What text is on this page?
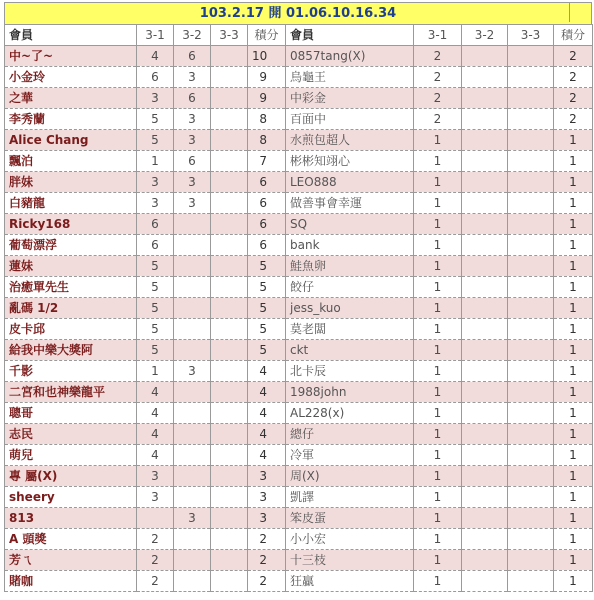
103.2.17 開 01.06.10.16.34
會員	3-1	3-2	3-3	積分	會員	3-1	3-2	3-3	積分
中~了~	4	6		10	0857tang(X)	2			2
小金玲	6	3		9	烏龜王	2			2
之華	3	6		9	中彩金	2			2
李秀蘭	5	3		8	百面中	2			2
Alice Chang	5	3		8	水煎包超人	1			1
飄泊	1	6		7	彬彬知翊心	1			1
胖妹	3	3		6	LEO888	1			1
白豬龍	3	3		6	做善事會幸運	1			1
Ricky168	6			6	SQ	1			1
葡萄漂浮	6			6	bank	1			1
蓮妹	5			5	鮭魚卵	1			1
治癒單先生	5			5	餃仔	1			1
亂碼 1/2	5			5	jess_kuo	1			1
皮卡邱	5			5	莫老闆	1			1
給我中樂大獎阿	5			5	ckt	1			1
千影	1	3		4	北卡辰	1			1
二宮和也神樂龍平	4			4	1988john	1			1
聰哥	4			4	AL228(x)	1			1
志民	4			4	總仔	1			1
萌兒	4			4	冷軍	1			1
專 屬(X)	3			3	周(X)	1			1
sheery	3			3	凱譯	1			1
813		3		3	笨皮蛋	1			1
A 頭獎	2			2	小小宏	1			1
芳ㄟ	2			2	十三枝	1			1
賭咖	2			2	狂贏	1			1
